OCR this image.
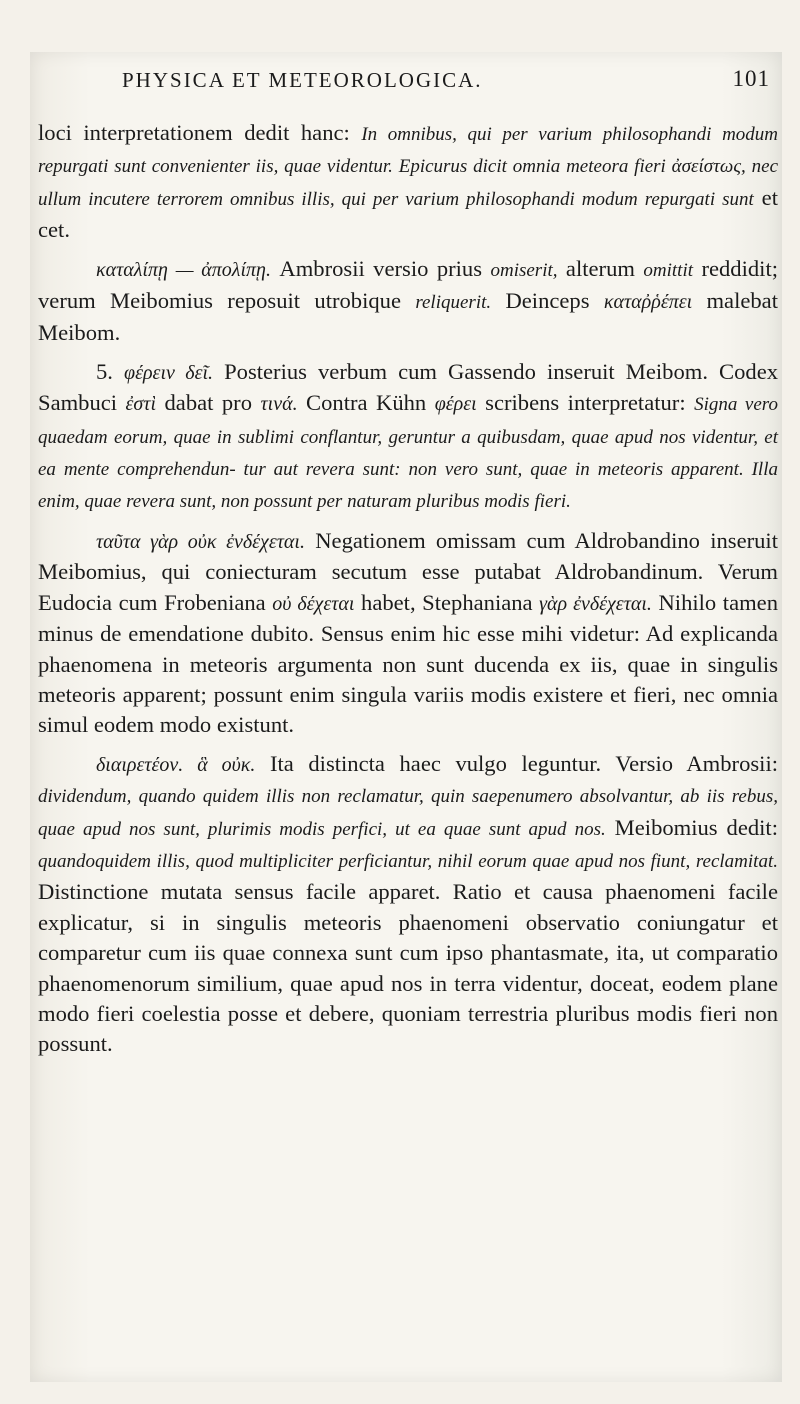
PHYSICA ET METEOROLOGICA.	101

loci interpretationem dedit hanc: In omnibus, qui per varium philosophandi modum repurgati sunt convenienter iis, quae videntur. Epicurus dicit omnia meteora fieri ἀσείστως, nec ullum incutere terrorem omnibus illis, qui per varium philosophandi modum repurgati sunt et cet.

καταλίπῃ — ἀπολίπῃ. Ambrosii versio prius omiserit, alterum omittit reddidit; verum Meibomius reposuit utrobique reliquerit. Deinceps καταῤῥέπει malebat Meibom.

5. φέρειν δεῖ. Posterius verbum cum Gassendo inseruit Meibom. Codex Sambuci ἐστὶ dabat pro τινά. Contra Kühn φέρει scribens interpretatur: Signa vero quaedam eorum, quae in sublimi conflantur, geruntur a quibusdam, quae apud nos videntur, et ea mente comprehendun- tur aut revera sunt: non vero sunt, quae in meteoris apparent. Illa enim, quae revera sunt, non possunt per naturam pluribus modis fieri.

ταῦτα γὰρ οὐκ ἐνδέχεται. Negationem omissam cum Aldrobandino inseruit Meibomius, qui coniecturam secutum esse putabat Aldrobandinum. Verum Eudocia cum Frobeniana οὐ δέχεται habet, Stephaniana γὰρ ἐνδέχεται. Nihilo tamen minus de emendatione dubito. Sensus enim hic esse mihi videtur: Ad explicanda phaenomena in meteoris argumenta non sunt ducenda ex iis, quae in singulis meteoris apparent; possunt enim singula variis modis existere et fieri, nec omnia simul eodem modo existunt.

διαιρετέον. ἃ οὐκ. Ita distincta haec vulgo leguntur. Versio Ambrosii: dividendum, quando quidem illis non reclamatur, quin saepenumero absolvantur, ab iis rebus, quae apud nos sunt, plurimis modis perfici, ut ea quae sunt apud nos. Meibomius dedit: quandoquidem illis, quod multipliciter perficiantur, nihil eorum quae apud nos fiunt, reclamitat. Distinctione mutata sensus facile apparet. Ratio et causa phaenomeni facile explicatur, si in singulis meteoris phaenomeni observatio coniungatur et comparetur cum iis quae connexa sunt cum ipso phantasmate, ita, ut comparatio phaenomenorum similium, quae apud nos in terra videntur, doceat, eodem plane modo fieri coelestia posse et debere, quoniam terrestria pluribus modis fieri non possunt.
